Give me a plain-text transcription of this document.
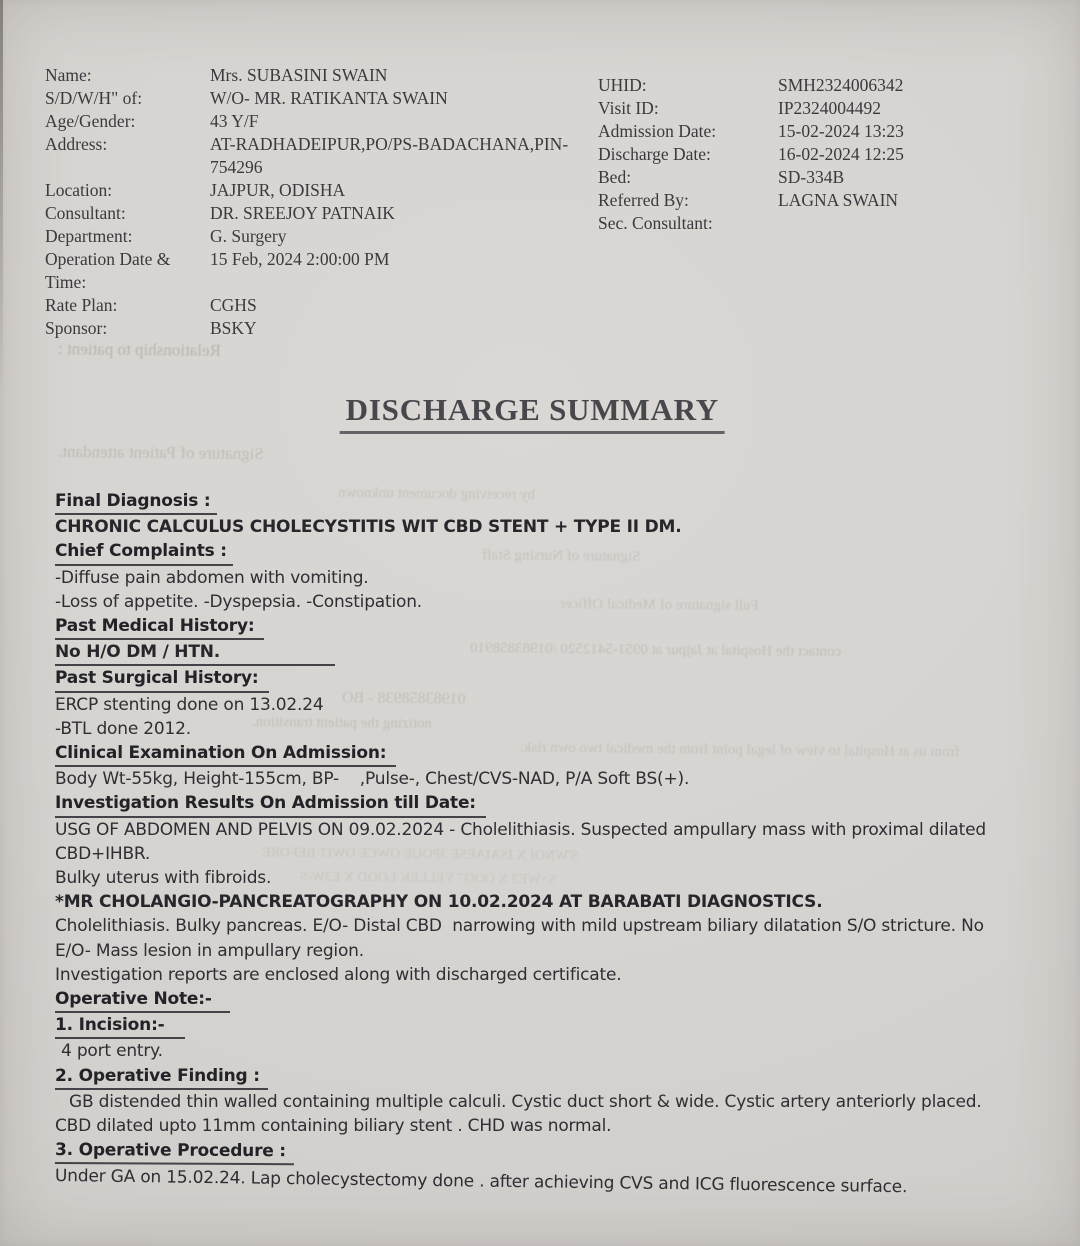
Relationship to patient :
Signature of Patient attendant.
by receiving document unknown
Signature of Nursing Staff
Full signature of Medical Officer
contact the Hospital at Jajpur at 0951-5412520 /01983858910
01983858938 - BO
notizing the patient transition.
from us at Hospital to view of legal point from the medical two own risk.
S'WNOI X ISAIAESE 3POUE OWCE OWIT BEFORE
S+WE3 X OOO7 YELLEK LOOD X E3W-S
Name:	Mrs. SUBASINI SWAIN
S/D/W/H" of:	W/O- MR. RATIKANTA SWAIN
Age/Gender:	43 Y/F
Address:	AT-RADHADEIPUR,PO/PS-BADACHANA,PIN-754296
Location:	JAJPUR, ODISHA
Consultant:	DR. SREEJOY PATNAIK
Department:	G. Surgery
Operation Date & Time:
15 Feb, 2024 2:00:00 PM
Rate Plan:	CGHS
Sponsor:	BSKY
UHID:	SMH2324006342
Visit ID:	IP2324004492
Admission Date:	15-02-2024 13:23
Discharge Date:	16-02-2024 12:25
Bed:	SD-334B
Referred By:	LAGNA SWAIN
Sec. Consultant:
DISCHARGE SUMMARY
Final Diagnosis :
CHRONIC CALCULUS CHOLECYSTITIS WIT CBD STENT + TYPE II DM.
Chief Complaints :
-Diffuse pain abdomen with vomiting.
-Loss of appetite. -Dyspepsia. -Constipation.
Past Medical History:
No H/O DM / HTN.
Past Surgical History:
ERCP stenting done on 13.02.24
-BTL done 2012.
Clinical Examination On Admission:
Body Wt-55kg, Height-155cm, BP-    ,Pulse-, Chest/CVS-NAD, P/A Soft BS(+).
Investigation Results On Admission till Date:
USG OF ABDOMEN AND PELVIS ON 09.02.2024 - Cholelithiasis. Suspected ampullary mass with proximal dilated CBD+IHBR.
Bulky uterus with fibroids.
*MR CHOLANGIO-PANCREATOGRAPHY ON 10.02.2024 AT BARABATI DIAGNOSTICS.
Cholelithiasis. Bulky pancreas. E/O- Distal CBD  narrowing with mild upstream biliary dilatation S/O stricture. No E/O- Mass lesion in ampullary region.
Investigation reports are enclosed along with discharged certificate.
Operative Note:-
1. Incision:-
4 port entry.
2. Operative Finding :
GB distended thin walled containing multiple calculi. Cystic duct short & wide. Cystic artery anteriorly placed. CBD dilated upto 11mm containing biliary stent . CHD was normal.
3. Operative Procedure :
Under GA on 15.02.24. Lap cholecystectomy done . after achieving CVS and ICG fluorescence surface.
